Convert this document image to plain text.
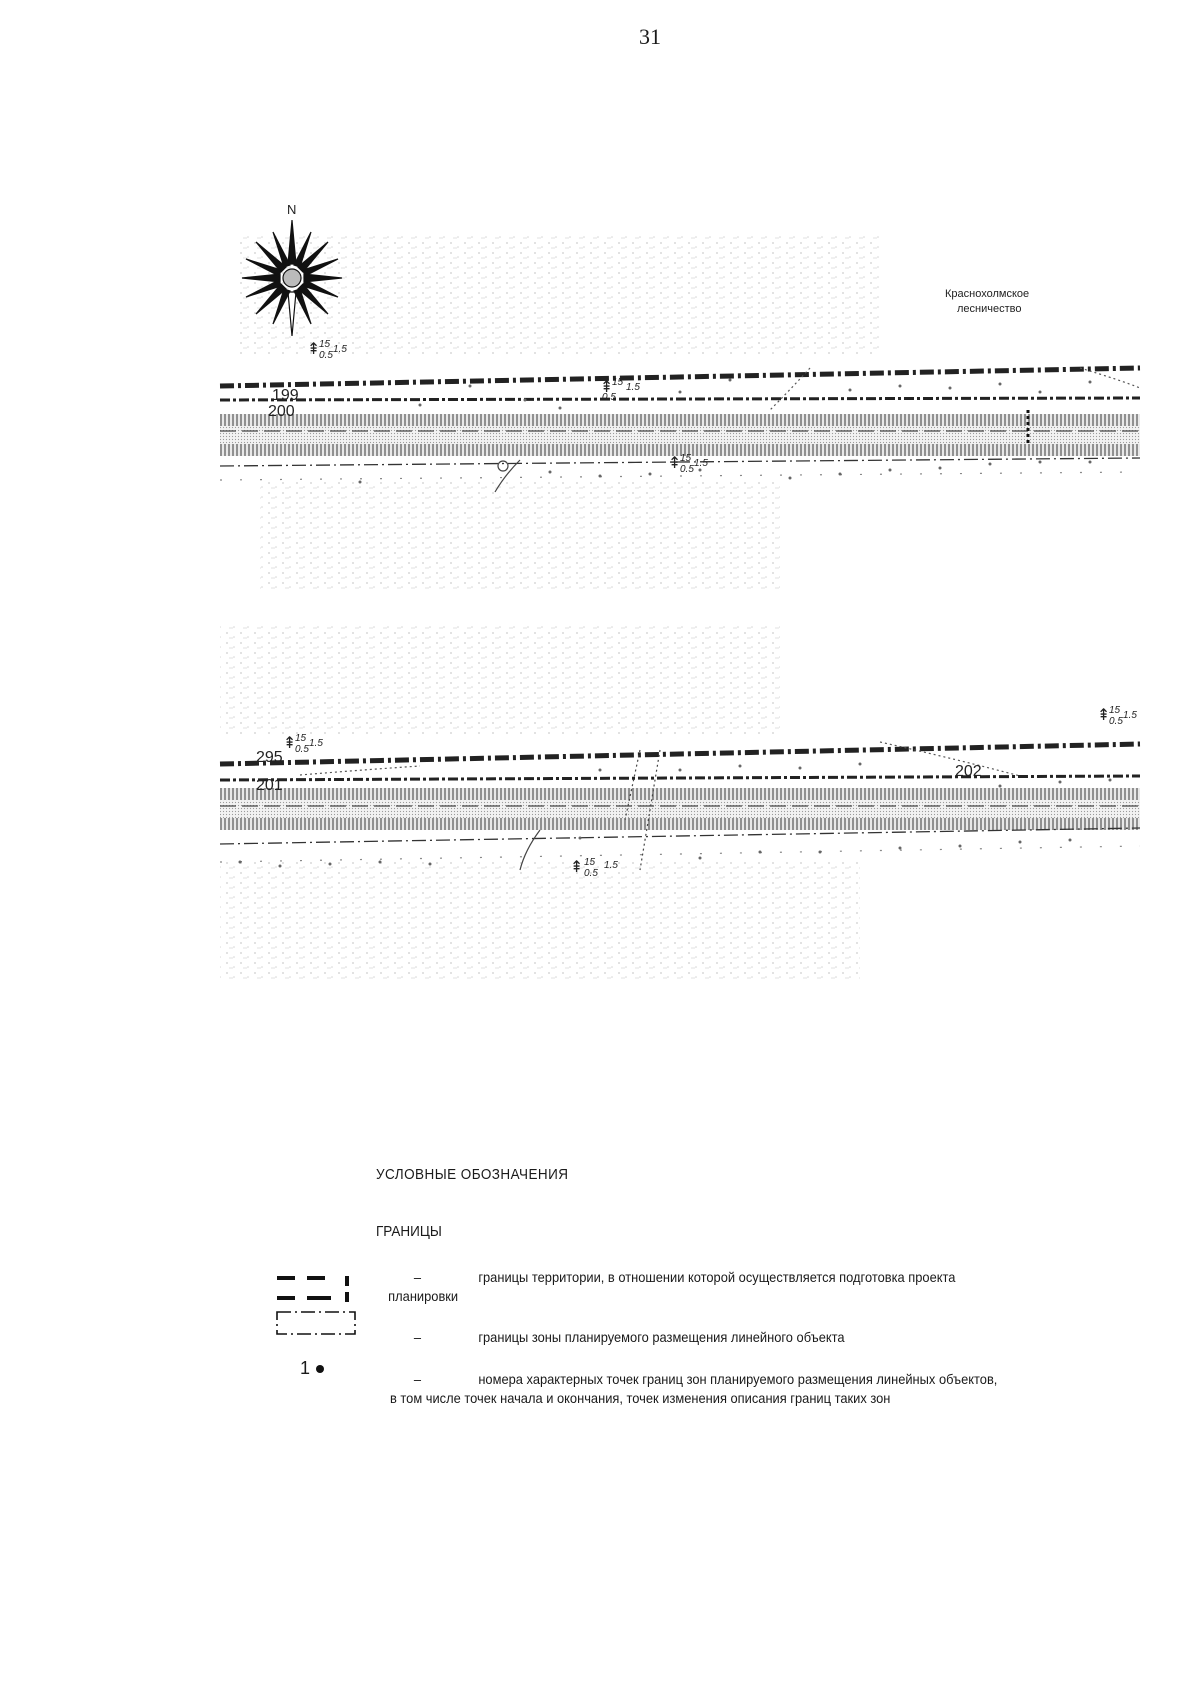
31
N
Краснохолмское
лесничество
199
200
295
201
202
⇞
15
0.5
1.5
⇞
15
0.5
1.5
⇞
15
0.5
1.5
⇞
15
0.5
1.5
⇞
15
0.5
1.5
⇞ 15
0.5
1.5
УСЛОВНЫЕ ОБОЗНАЧЕНИЯ
ГРАНИЦЫ
–	границы территории, в отношении которой осуществляется подготовка проекта
планировки
–	границы зоны планируемого размещения линейного объекта
1
–	номера характерных точек границ зон планируемого размещения линейных объектов,
в том числе точек начала и окончания, точек изменения описания границ таких зон
